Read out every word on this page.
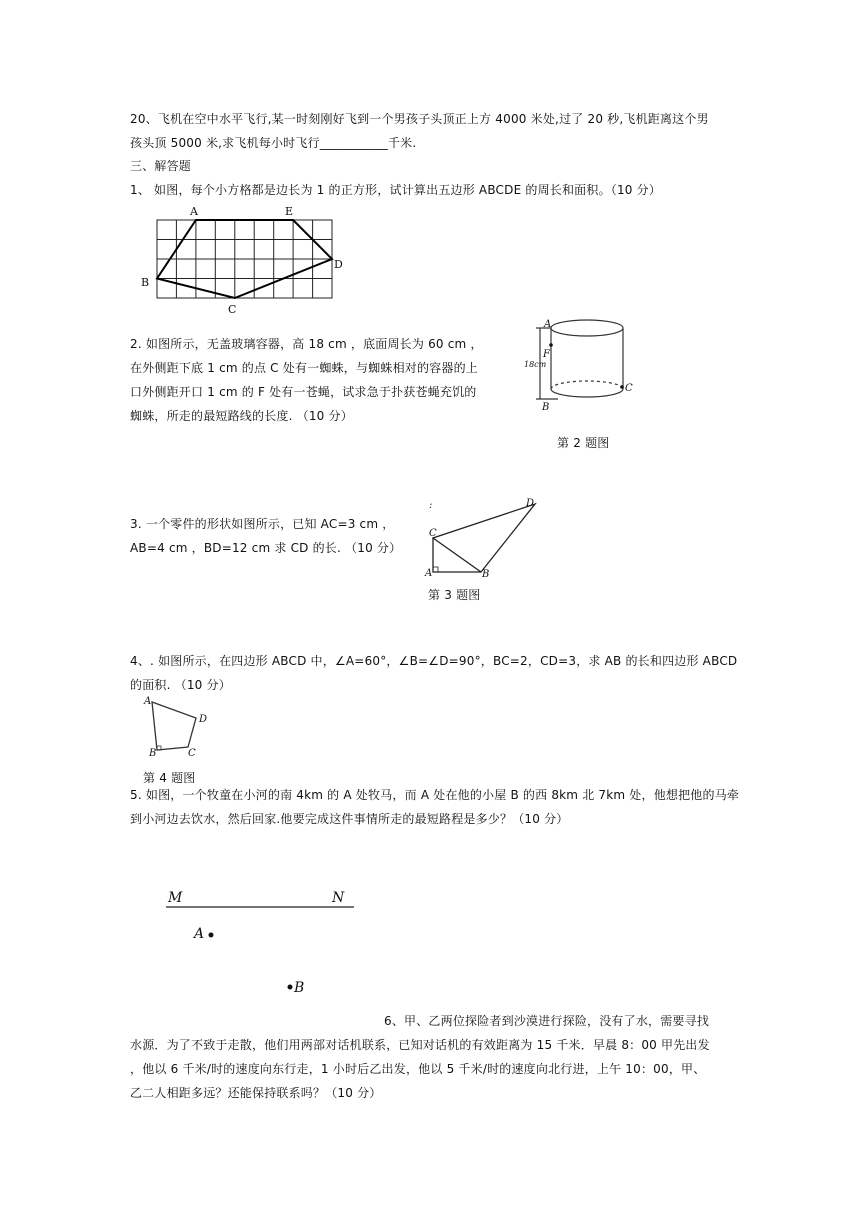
20、飞机在空中水平飞行,某一时刻刚好飞到一个男孩子头顶正上方 4000 米处,过了 20 秒,飞机距离这个男
孩头顶 5000 米,求飞机每小时飞行___________千米.
三、解答题
1、 如图，每个小方格都是边长为 1 的正方形，试计算出五边形 ABCDE 的周长和面积。（10 分）
A	E
D
B
C
2. 如图所示，无盖玻璃容器，高 18 cm ，底面周长为 60 cm ，
在外侧距下底 1 cm 的点 C 处有一蜘蛛，与蜘蛛相对的容器的上
口外侧距开口 1 cm 的 F 处有一苍蝇，试求急于扑获苍蝇充饥的
蜘蛛，所走的最短路线的长度. （10 分）
A
F
18cm
C
B
第 2 题图
3. 一个零件的形状如图所示，已知 AC=3 cm ，
AB=4 cm ，BD=12 cm 求 CD 的长. （10 分）
:
C
D
A	B
第 3 题图
4、. 如图所示，在四边形 ABCD 中，∠A=60°，∠B=∠D=90°，BC=2，CD=3，求 AB 的长和四边形 ABCD
的面积. （10 分）
A
D
B	C
第 4 题图
5. 如图，一个牧童在小河的南 4km 的 A 处牧马，而 A 处在他的小屋 B 的西 8km 北 7km 处，他想把他的马牵
到小河边去饮水，然后回家.他要完成这件事情所走的最短路程是多少？（10 分）
M	N
A
B
6、甲、乙两位探险者到沙漠进行探险，没有了水，需要寻找
水源．为了不致于走散，他们用两部对话机联系，已知对话机的有效距离为 15 千米．早晨 8：00 甲先出发
，他以 6 千米/时的速度向东行走，1 小时后乙出发，他以 5 千米/时的速度向北行进，上午 10：00，甲、
乙二人相距多远？还能保持联系吗？（10 分）
